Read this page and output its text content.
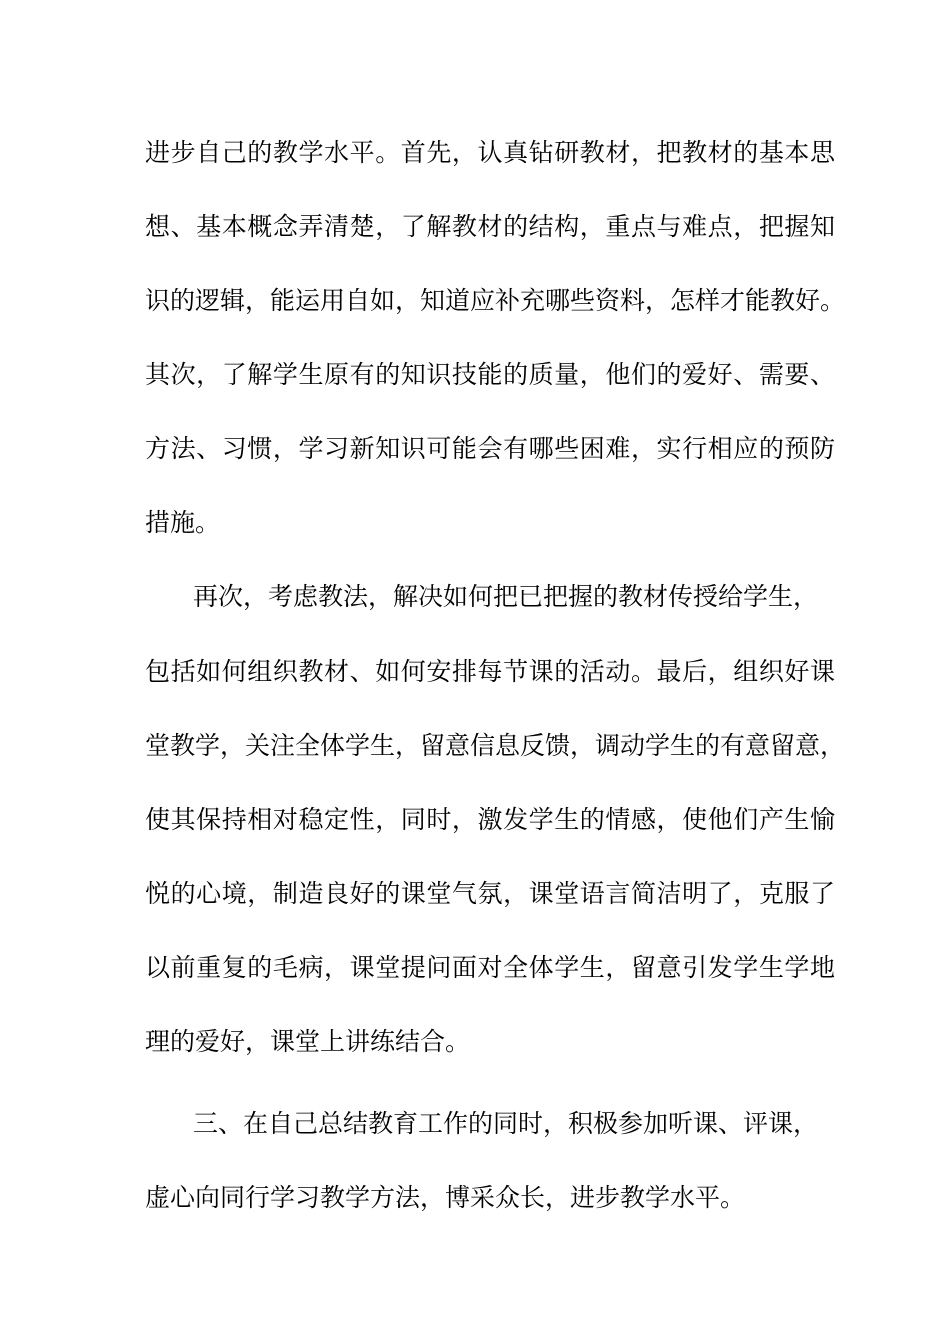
进步自己的教学水平。首先，认真钻研教材，把教材的基本思
想、基本概念弄清楚，了解教材的结构，重点与难点，把握知
识的逻辑，能运用自如，知道应补充哪些资料，怎样才能教好。
其次，了解学生原有的知识技能的质量，他们的爱好、需要、
方法、习惯，学习新知识可能会有哪些困难，实行相应的预防
措施。
再次，考虑教法，解决如何把已把握的教材传授给学生，
包括如何组织教材、如何安排每节课的活动。最后，组织好课
堂教学，关注全体学生，留意信息反馈，调动学生的有意留意，
使其保持相对稳定性，同时，激发学生的情感，使他们产生愉
悦的心境，制造良好的课堂气氛，课堂语言简洁明了，克服了
以前重复的毛病，课堂提问面对全体学生，留意引发学生学地
理的爱好，课堂上讲练结合。
三、在自己总结教育工作的同时，积极参加听课、评课，
虚心向同行学习教学方法，博采众长，进步教学水平。
